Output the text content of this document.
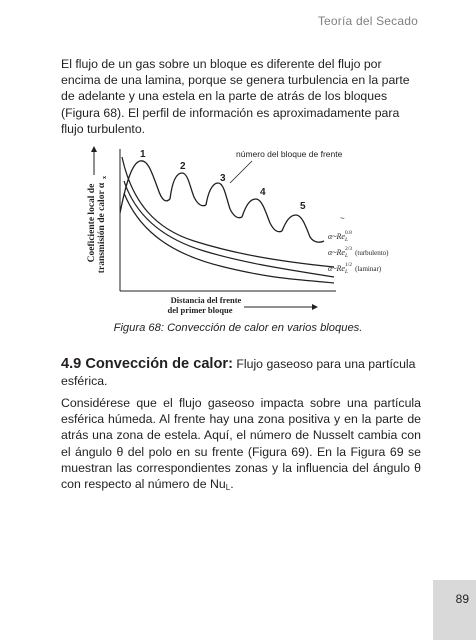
Teoría del Secado

El flujo de un gas sobre un bloque es diferente del flujo por encima de una lamina, porque se genera turbulencia en la parte de adelante y una estela en la parte de atrás de los bloques (Figura 68). El perfil de información es aproximadamente para flujo turbulento.

Coeficiente local de transmisión de calor α
x
1
2
3
4
5
número del bloque de frente
~
$\alpha\sim Re_L0.8$
$\alpha\sim Re_L2/3$ (turbulento)
$\alpha\sim Re_L1/2$ (laminar)
Distancia del frente
del primer bloque
Figura 68: Convección de calor en varios bloques.
4.9 Convección de calor: Flujo gaseoso para una partícula esférica.

Considérese que el flujo gaseoso impacta sobre una partícula esférica húmeda. Al frente hay una zona positiva y en la parte de atrás una zona de estela. Aquí, el número de Nusselt cambia con el ángulo θ del polo en su frente (Figura 69). En la Figura 69 se muestran las correspondientes zonas y la influencia del ángulo θ con respecto al número de NuL.

89
